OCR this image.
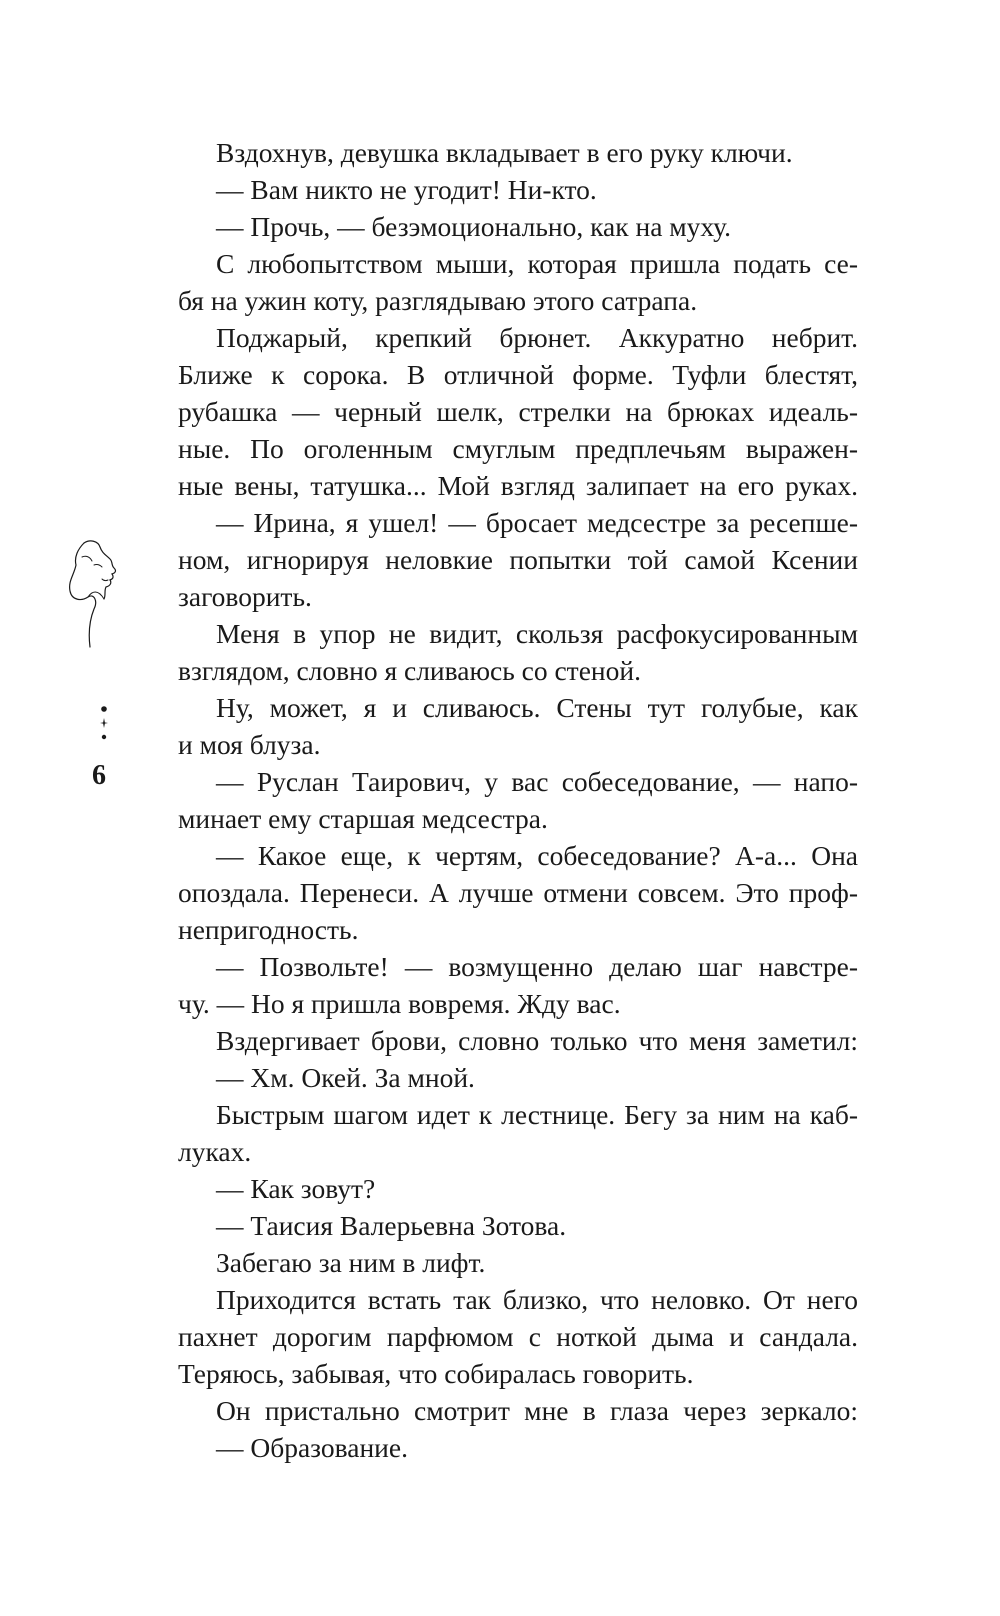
6
Вздохнув, девушка вкладывает в его руку ключи.
— Вам никто не угодит! Ни-кто.
— Прочь, — безэмоционально, как на муху.
С любопытством мыши, которая пришла подать се-
бя на ужин коту, разглядываю этого сатрапа.
Поджарый, крепкий брюнет. Аккуратно небрит.
Ближе к сорока. В отличной форме. Туфли блестят,
рубашка — черный шелк, стрелки на брюках идеаль-
ные. По оголенным смуглым предплечьям выражен-
ные вены, татушка... Мой взгляд залипает на его руках.
— Ирина, я ушел! — бросает медсестре за ресепше-
ном, игнорируя неловкие попытки той самой Ксении
заговорить.
Меня в упор не видит, скользя расфокусированным
взглядом, словно я сливаюсь со стеной.
Ну, может, я и сливаюсь. Стены тут голубые, как
и моя блуза.
— Руслан Таирович, у вас собеседование, — напо-
минает ему старшая медсестра.
— Какое еще, к чертям, собеседование? А-а... Она
опоздала. Перенеси. А лучше отмени совсем. Это проф-
непригодность.
— Позвольте! — возмущенно делаю шаг навстре-
чу. — Но я пришла вовремя. Жду вас.
Вздергивает брови, словно только что меня заметил:
— Хм. Окей. За мной.
Быстрым шагом идет к лестнице. Бегу за ним на каб-
луках.
— Как зовут?
— Таисия Валерьевна Зотова.
Забегаю за ним в лифт.
Приходится встать так близко, что неловко. От него
пахнет дорогим парфюмом с ноткой дыма и сандала.
Теряюсь, забывая, что собиралась говорить.
Он пристально смотрит мне в глаза через зеркало:
— Образование.
